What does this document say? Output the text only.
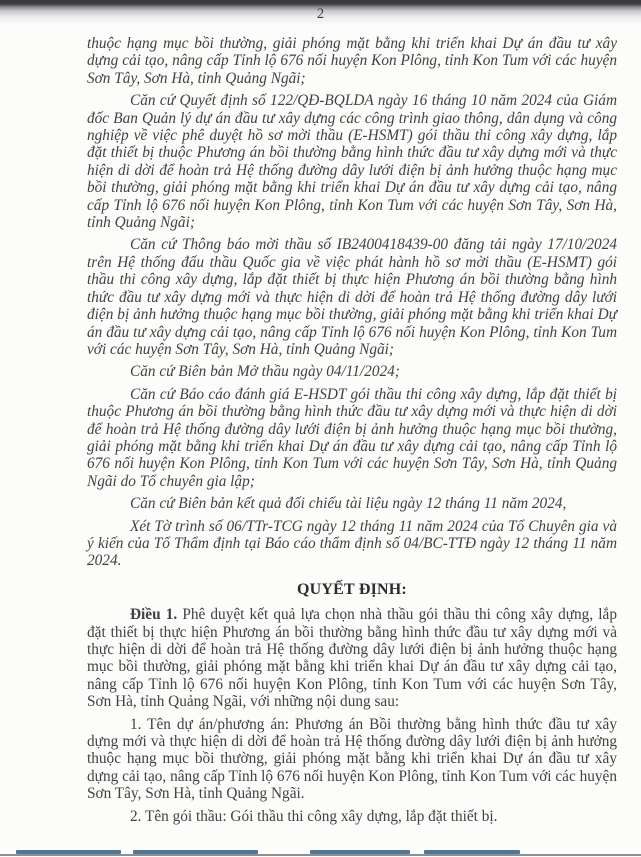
2

thuộc hạng mục bồi thường, giải phóng mặt bằng khi triển khai Dự án đầu tư xây dựng cải tạo, nâng cấp Tỉnh lộ 676 nối huyện Kon Plông, tỉnh Kon Tum với các huyện Sơn Tây, Sơn Hà, tỉnh Quảng Ngãi;

Căn cứ Quyết định số 122/QĐ-BQLDA ngày 16 tháng 10 năm 2024 của Giám đốc Ban Quản lý dự án đầu tư xây dựng các công trình giao thông, dân dụng và công nghiệp về việc phê duyệt hồ sơ mời thầu (E-HSMT) gói thầu thi công xây dựng, lắp đặt thiết bị thuộc Phương án bồi thường bằng hình thức đầu tư xây dựng mới và thực hiện di dời để hoàn trả Hệ thống đường dây lưới điện bị ảnh hưởng thuộc hạng mục bồi thường, giải phóng mặt bằng khi triển khai Dự án đầu tư xây dựng cải tạo, nâng cấp Tỉnh lộ 676 nối huyện Kon Plông, tỉnh Kon Tum với các huyện Sơn Tây, Sơn Hà, tỉnh Quảng Ngãi;

Căn cứ Thông báo mời thầu số IB2400418439-00 đăng tải ngày 17/10/2024 trên Hệ thống đấu thầu Quốc gia về việc phát hành hồ sơ mời thầu (E-HSMT) gói thầu thi công xây dựng, lắp đặt thiết bị thực hiện Phương án bồi thường bằng hình thức đầu tư xây dựng mới và thực hiện di dời để hoàn trả Hệ thống đường dây lưới điện bị ảnh hưởng thuộc hạng mục bồi thường, giải phóng mặt bằng khi triển khai Dự án đầu tư xây dựng cải tạo, nâng cấp Tỉnh lộ 676 nối huyện Kon Plông, tỉnh Kon Tum với các huyện Sơn Tây, Sơn Hà, tỉnh Quảng Ngãi;

Căn cứ Biên bản Mở thầu ngày 04/11/2024;

Căn cứ Báo cáo đánh giá E-HSDT gói thầu thi công xây dựng, lắp đặt thiết bị thuộc Phương án bồi thường bằng hình thức đầu tư xây dựng mới và thực hiện di dời để hoàn trả Hệ thống đường dây lưới điện bị ảnh hưởng thuộc hạng mục bồi thường, giải phóng mặt bằng khi triển khai Dự án đầu tư xây dựng cải tạo, nâng cấp Tỉnh lộ 676 nối huyện Kon Plông, tỉnh Kon Tum với các huyện Sơn Tây, Sơn Hà, tỉnh Quảng Ngãi do Tổ chuyên gia lập;

Căn cứ Biên bản kết quả đối chiếu tài liệu ngày 12 tháng 11 năm 2024,

Xét Tờ trình số 06/TTr-TCG ngày 12 tháng 11 năm 2024 của Tổ Chuyên gia và ý kiến của Tổ Thẩm định tại Báo cáo thẩm định số 04/BC-TTĐ ngày 12 tháng 11 năm 2024.

QUYẾT ĐỊNH:

Điều 1. Phê duyệt kết quả lựa chọn nhà thầu gói thầu thi công xây dựng, lắp đặt thiết bị thực hiện Phương án bồi thường bằng hình thức đầu tư xây dựng mới và thực hiện di dời để hoàn trả Hệ thống đường dây lưới điện bị ảnh hưởng thuộc hạng mục bồi thường, giải phóng mặt bằng khi triển khai Dự án đầu tư xây dựng cải tạo, nâng cấp Tỉnh lộ 676 nối huyện Kon Plông, tỉnh Kon Tum với các huyện Sơn Tây, Sơn Hà, tỉnh Quảng Ngãi, với những nội dung sau:

1. Tên dự án/phương án: Phương án Bồi thường bằng hình thức đầu tư xây dựng mới và thực hiện di dời để hoàn trả Hệ thống đường dây lưới điện bị ảnh hưởng thuộc hạng mục bồi thường, giải phóng mặt bằng khi triển khai Dự án đầu tư xây dựng cải tạo, nâng cấp Tỉnh lộ 676 nối huyện Kon Plông, tỉnh Kon Tum với các huyện Sơn Tây, Sơn Hà, tỉnh Quảng Ngãi.

2. Tên gói thầu: Gói thầu thi công xây dựng, lắp đặt thiết bị.
